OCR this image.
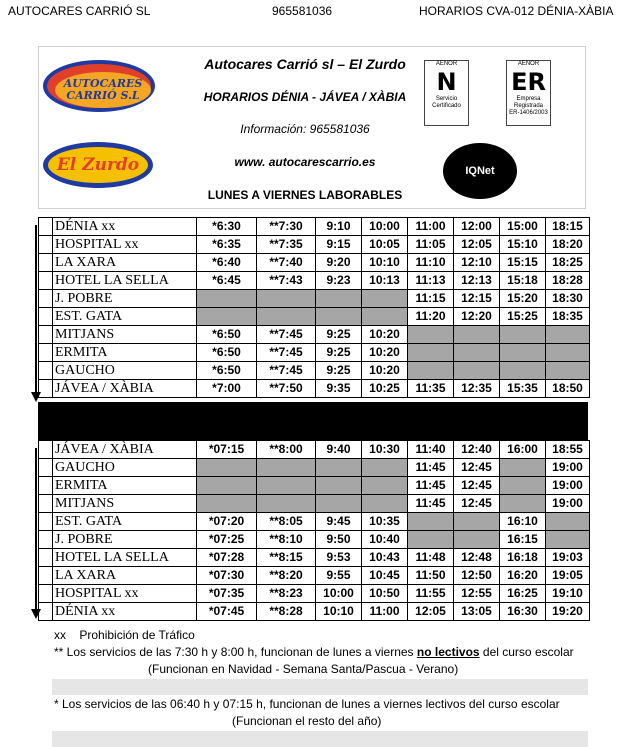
AUTOCARES CARRIÓ SL	965581036	HORARIOS CVA-012 DÉNIA-XÀBIA
AUTOCARES
CARRIÓ S.L
El Zurdo
Autocares Carrió sl – El Zurdo
HORARIOS DÉNIA - JÁVEA / XÀBIA
Información: 965581036
www. autocarescarrio.es
LUNES A VIERNES LABORABLES
AENOR
N
Servicio Certificado
AENOR
ER
Empresa Registrada
ER-1406/2003
IQNet
	DÉNIA xx	*6:30	**7:30	9:10	10:00	11:00	12:00	15:00	18:15
	HOSPITAL xx	*6:35	**7:35	9:15	10:05	11:05	12:05	15:10	18:20
	LA XARA	*6:40	**7:40	9:20	10:10	11:10	12:10	15:15	18:25
	HOTEL LA SELLA	*6:45	**7:43	9:23	10:13	11:13	12:13	15:18	18:28
	J. POBRE					11:15	12:15	15:20	18:30
	EST. GATA					11:20	12:20	15:25	18:35
	MITJANS	*6:50	**7:45	9:25	10:20				
	ERMITA	*6:50	**7:45	9:25	10:20				
	GAUCHO	*6:50	**7:45	9:25	10:20				
	JÁVEA / XÀBIA	*7:00	**7:50	9:35	10:25	11:35	12:35	15:35	18:50
	JÁVEA / XÀBIA	*07:15	**8:00	9:40	10:30	11:40	12:40	16:00	18:55
	GAUCHO					11:45	12:45		19:00
	ERMITA					11:45	12:45		19:00
	MITJANS					11:45	12:45		19:00
	EST. GATA	*07:20	**8:05	9:45	10:35			16:10	
	J. POBRE	*07:25	**8:10	9:50	10:40			16:15	
	HOTEL LA SELLA	*07:28	**8:15	9:53	10:43	11:48	12:48	16:18	19:03
	LA XARA	*07:30	**8:20	9:55	10:45	11:50	12:50	16:20	19:05
	HOSPITAL xx	*07:35	**8:23	10:00	10:50	11:55	12:55	16:25	19:10
	DÉNIA xx	*07:45	**8:28	10:10	11:00	12:05	13:05	16:30	19:20
xx Prohibición de Tráfico
** Los servicios de las 7:30 h y 8:00 h, funcionan de lunes a viernes no lectivos del curso escolar
(Funcionan en Navidad - Semana Santa/Pascua - Verano)
* Los servicios de las 06:40 h y 07:15 h, funcionan de lunes a viernes lectivos del curso escolar
(Funcionan el resto del año)
